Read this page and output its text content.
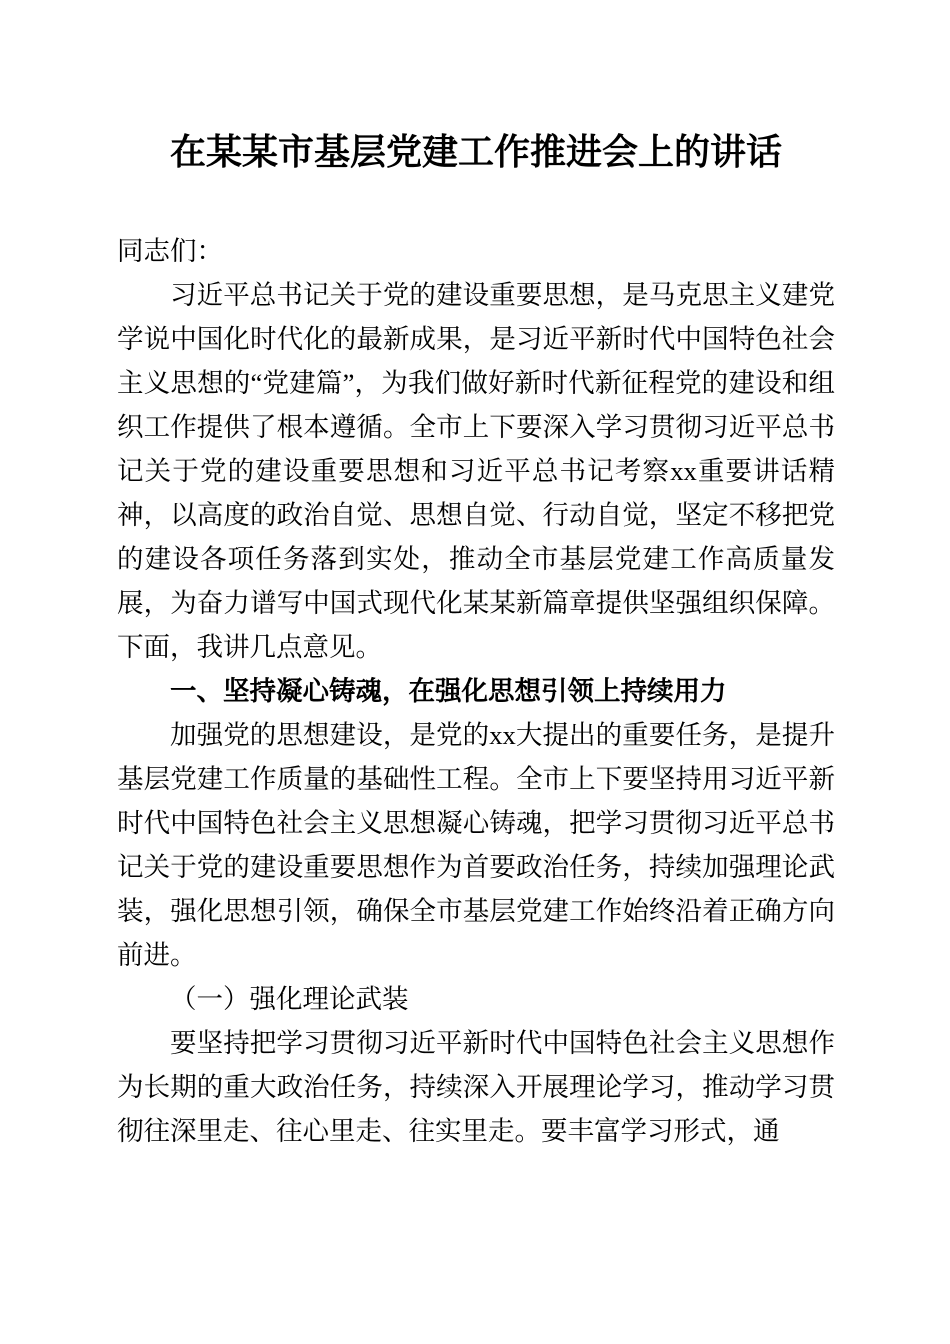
在某某市基层党建工作推进会上的讲话

同志们：

习近平总书记关于党的建设重要思想，是马克思主义建党学说中国化时代化的最新成果，是习近平新时代中国特色社会主义思想的“党建篇”，为我们做好新时代新征程党的建设和组织工作提供了根本遵循。全市上下要深入学习贯彻习近平总书记关于党的建设重要思想和习近平总书记考察xx重要讲话精神，以高度的政治自觉、思想自觉、行动自觉，坚定不移把党的建设各项任务落到实处，推动全市基层党建工作高质量发展，为奋力谱写中国式现代化某某新篇章提供坚强组织保障。下面，我讲几点意见。

一、坚持凝心铸魂，在强化思想引领上持续用力

加强党的思想建设，是党的xx大提出的重要任务，是提升基层党建工作质量的基础性工程。全市上下要坚持用习近平新时代中国特色社会主义思想凝心铸魂，把学习贯彻习近平总书记关于党的建设重要思想作为首要政治任务，持续加强理论武装，强化思想引领，确保全市基层党建工作始终沿着正确方向前进。

（一）强化理论武装

要坚持把学习贯彻习近平新时代中国特色社会主义思想作为长期的重大政治任务，持续深入开展理论学习，推动学习贯彻往深里走、往心里走、往实里走。要丰富学习形式，通
